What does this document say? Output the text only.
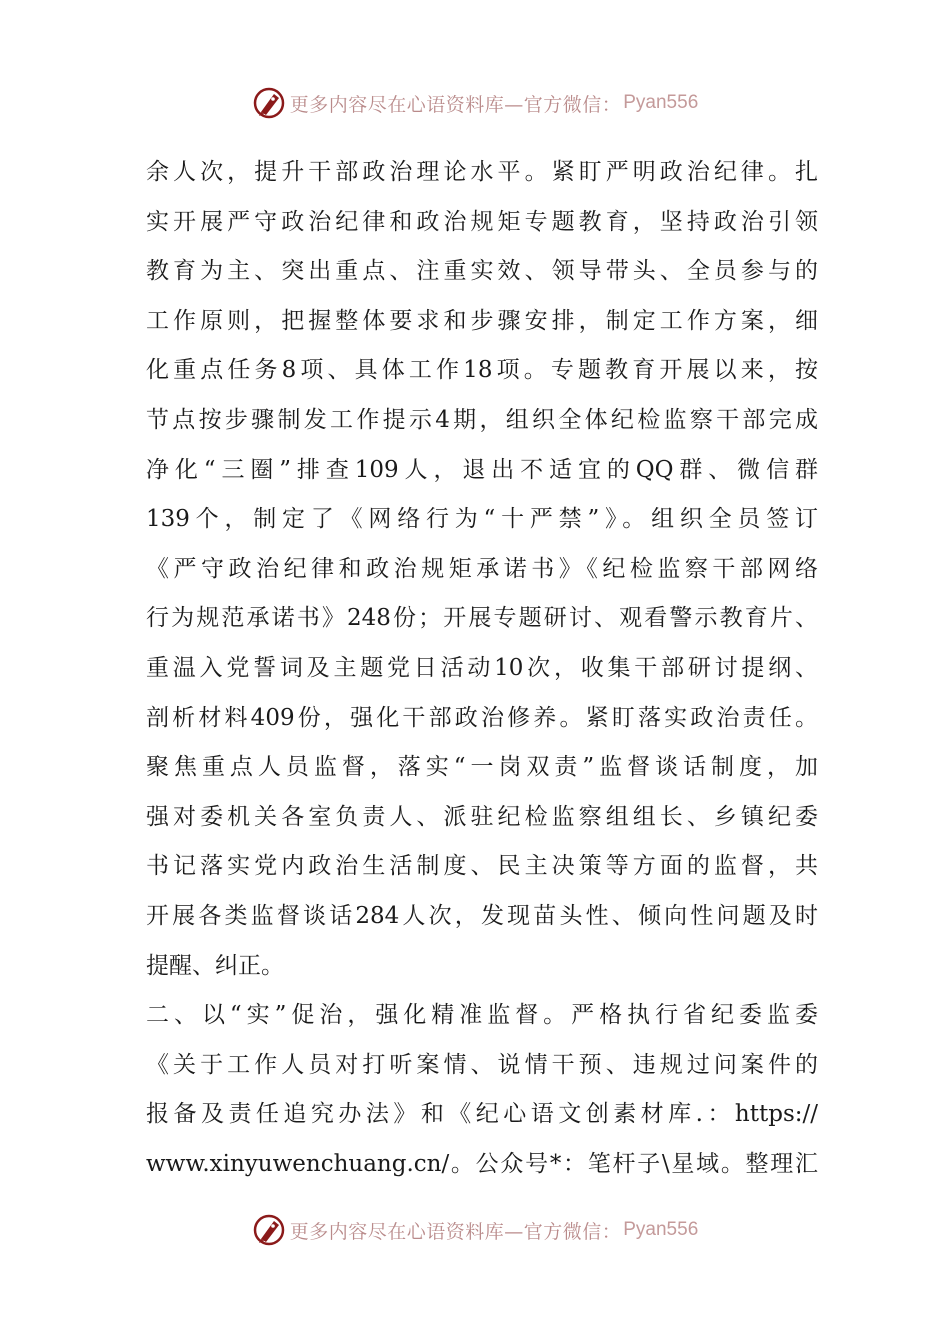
更多内容尽在心语资料库—官方微信： Pyan556
余人次，提升干部政治理论水平。紧盯严明政治纪律。扎
实开展严守政治纪律和政治规矩专题教育，坚持政治引领
教育为主、突出重点、注重实效、领导带头、全员参与的
工作原则，把握整体要求和步骤安排，制定工作方案，细
化重点任务8项、具体工作18项。专题教育开展以来，按
节点按步骤制发工作提示4期，组织全体纪检监察干部完成
净化“三圈”排查109人，退出不适宜的QQ群、微信群
139个，制定了《网络行为“十严禁”》。组织全员签订
《严守政治纪律和政治规矩承诺书》《纪检监察干部网络
行为规范承诺书》248份；开展专题研讨、观看警示教育片、
重温入党誓词及主题党日活动10次，收集干部研讨提纲、
剖析材料409份，强化干部政治修养。紧盯落实政治责任。
聚焦重点人员监督，落实“一岗双责”监督谈话制度，加
强对委机关各室负责人、派驻纪检监察组组长、乡镇纪委
书记落实党内政治生活制度、民主决策等方面的监督，共
开展各类监督谈话284人次，发现苗头性、倾向性问题及时
提醒、纠正。
二、以“实”促治，强化精准监督。严格执行省纪委监委
《关于工作人员对打听案情、说情干预、违规过问案件的
报备及责任追究办法》和《纪心语文创素材库.：https://
www.xinyuwenchuang.cn/。公众号*：笔杆子\星域。整理汇
更多内容尽在心语资料库—官方微信： Pyan556
